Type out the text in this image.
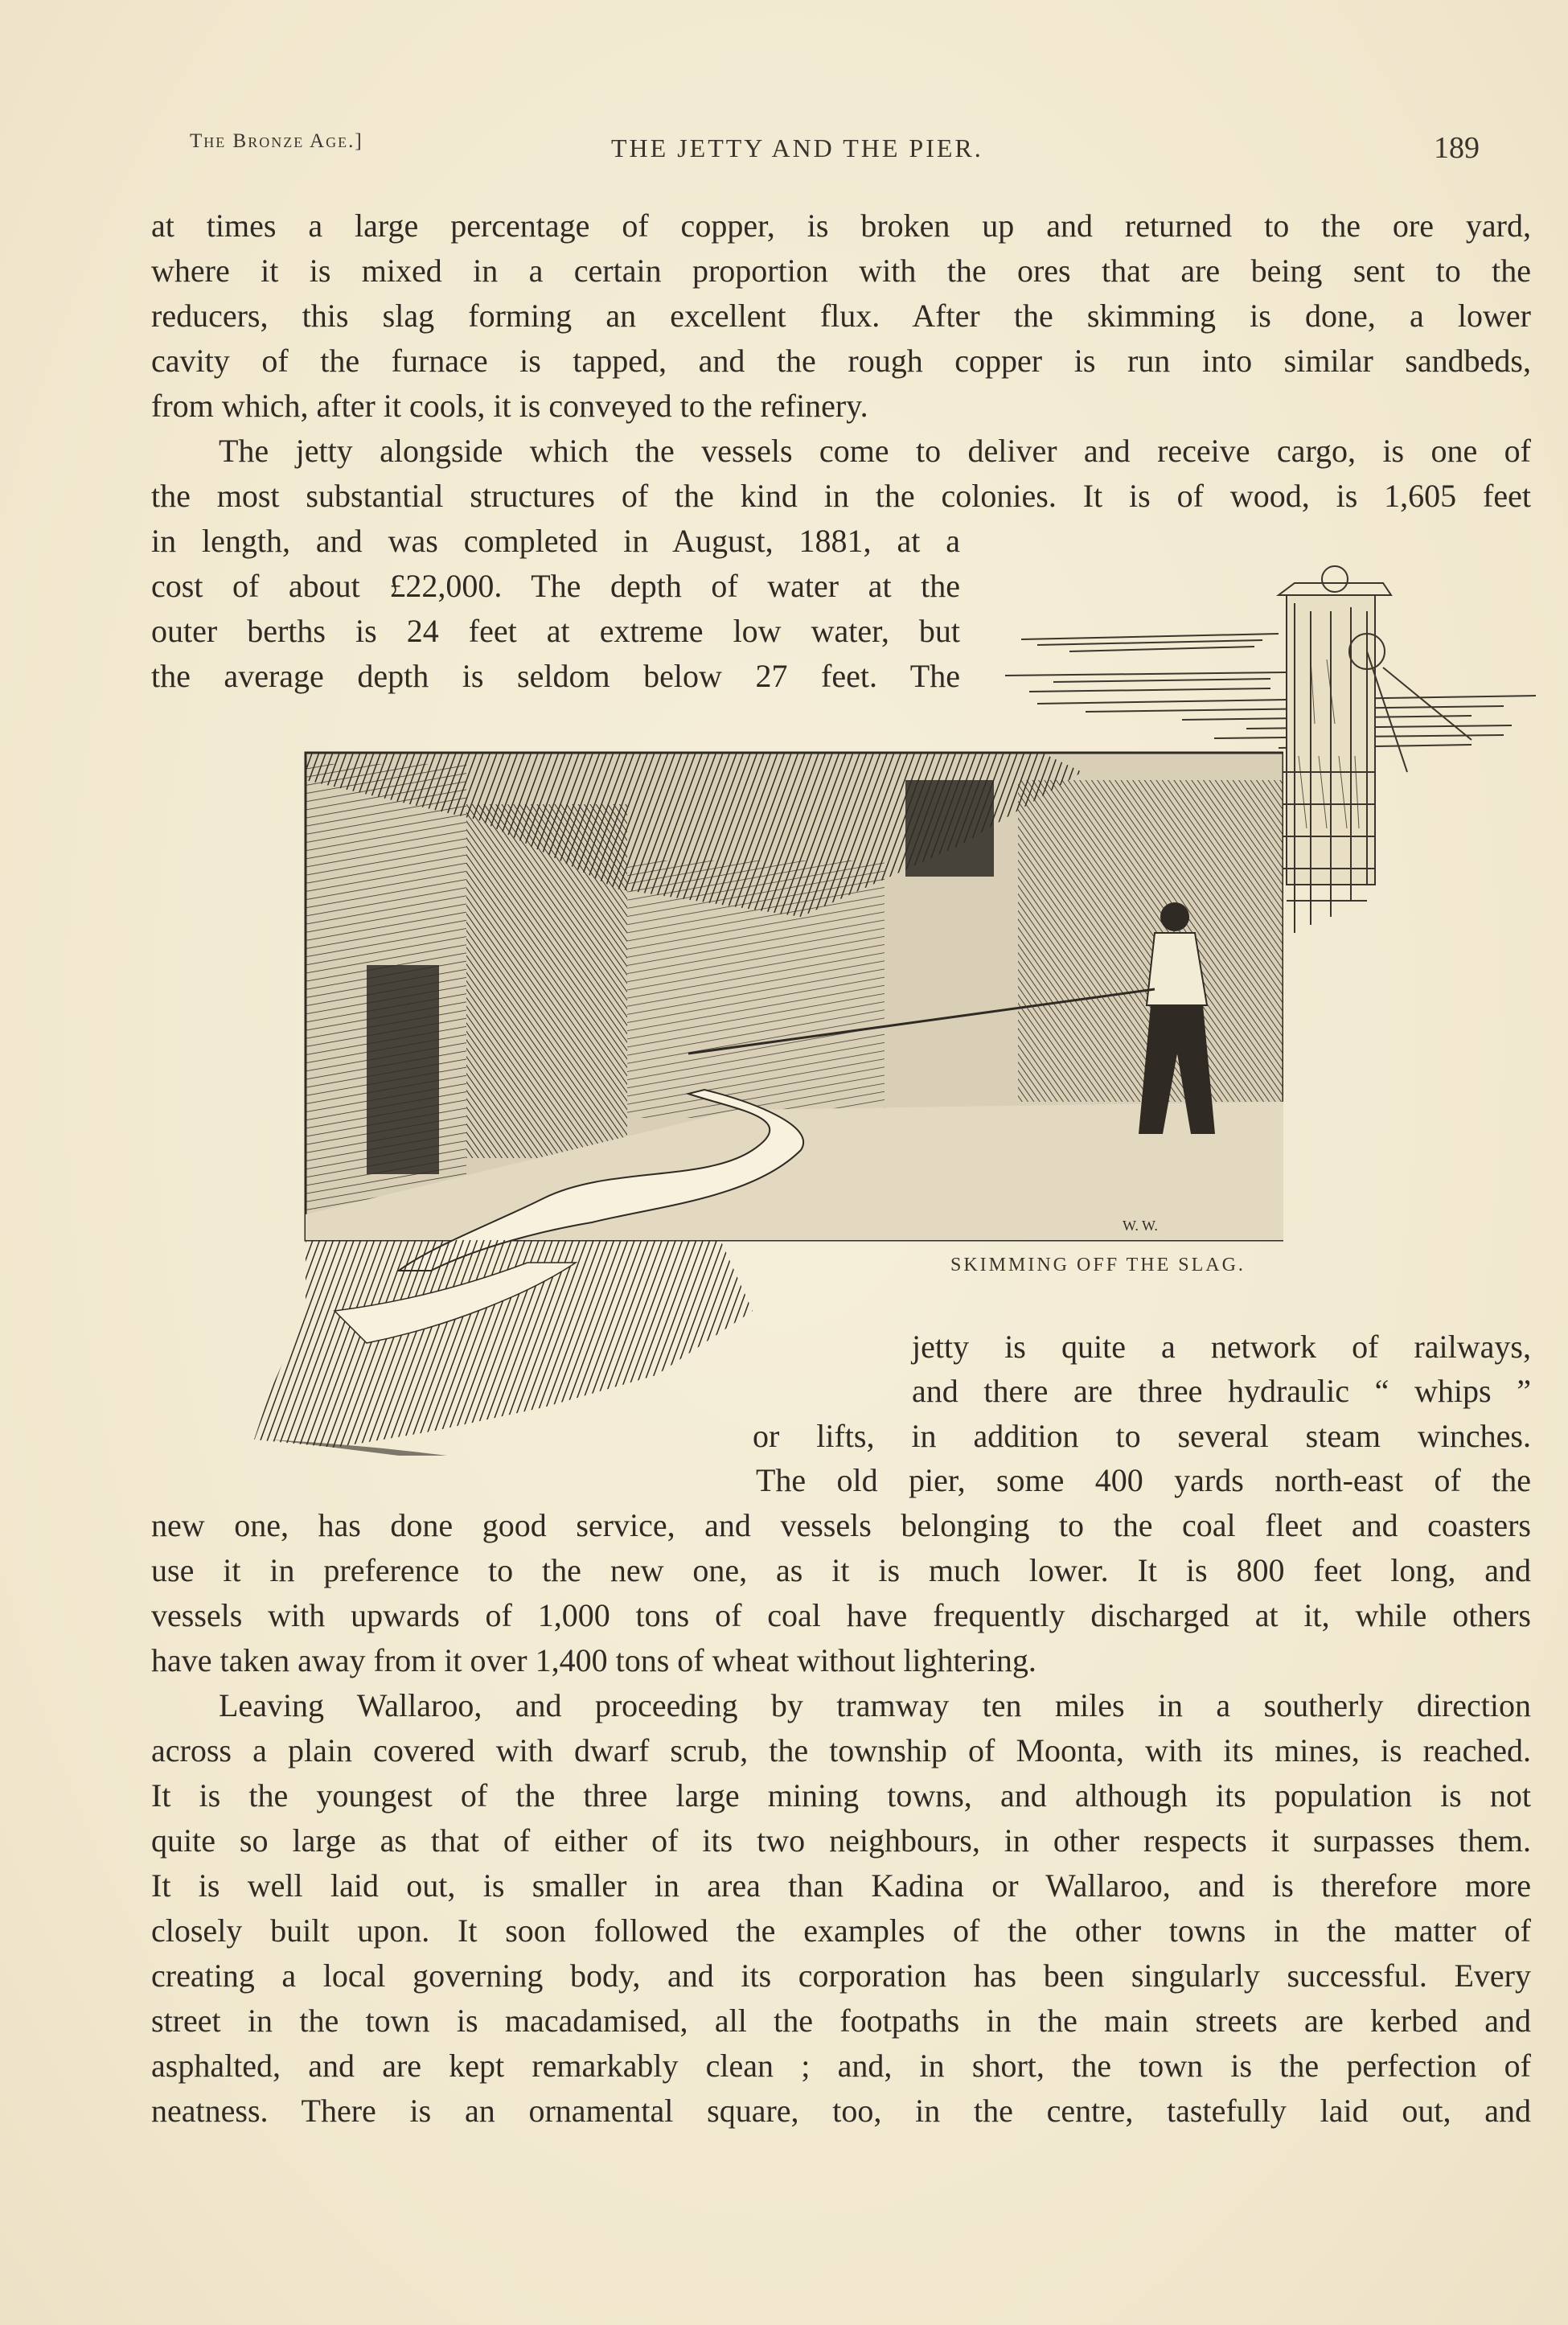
The Bronze Age.]	THE JETTY AND THE PIER.	189
at times a large percentage of copper, is broken up and returned to the ore yard,
where it is mixed in a certain proportion with the ores that are being sent to the
reducers, this slag forming an excellent flux. After the skimming is done, a lower
cavity of the furnace is tapped, and the rough copper is run into similar sandbeds,
from which, after it cools, it is conveyed to the refinery.
The jetty alongside which the vessels come to deliver and receive cargo, is one of
the most substantial structures of the kind in the colonies. It is of wood, is 1,605 feet
in length, and was completed in August, 1881, at a
cost of about £22,000. The depth of water at the
outer berths is 24 feet at extreme low water, but
the average depth is seldom below 27 feet. The
W. W.
SKIMMING OFF THE SLAG.
jetty is quite a network of railways,
and there are three hydraulic “ whips ”
or lifts, in addition to several steam winches.
The old pier, some 400 yards north-east of the
new one, has done good service, and vessels belonging to the coal fleet and coasters
use it in preference to the new one, as it is much lower. It is 800 feet long, and
vessels with upwards of 1,000 tons of coal have frequently discharged at it, while others
have taken away from it over 1,400 tons of wheat without lightering.
Leaving Wallaroo, and proceeding by tramway ten miles in a southerly direction
across a plain covered with dwarf scrub, the township of Moonta, with its mines, is reached.
It is the youngest of the three large mining towns, and although its population is not
quite so large as that of either of its two neighbours, in other respects it surpasses them.
It is well laid out, is smaller in area than Kadina or Wallaroo, and is therefore more
closely built upon. It soon followed the examples of the other towns in the matter of
creating a local governing body, and its corporation has been singularly successful. Every
street in the town is macadamised, all the footpaths in the main streets are kerbed and
asphalted, and are kept remarkably clean ; and, in short, the town is the perfection of
neatness. There is an ornamental square, too, in the centre, tastefully laid out, and
